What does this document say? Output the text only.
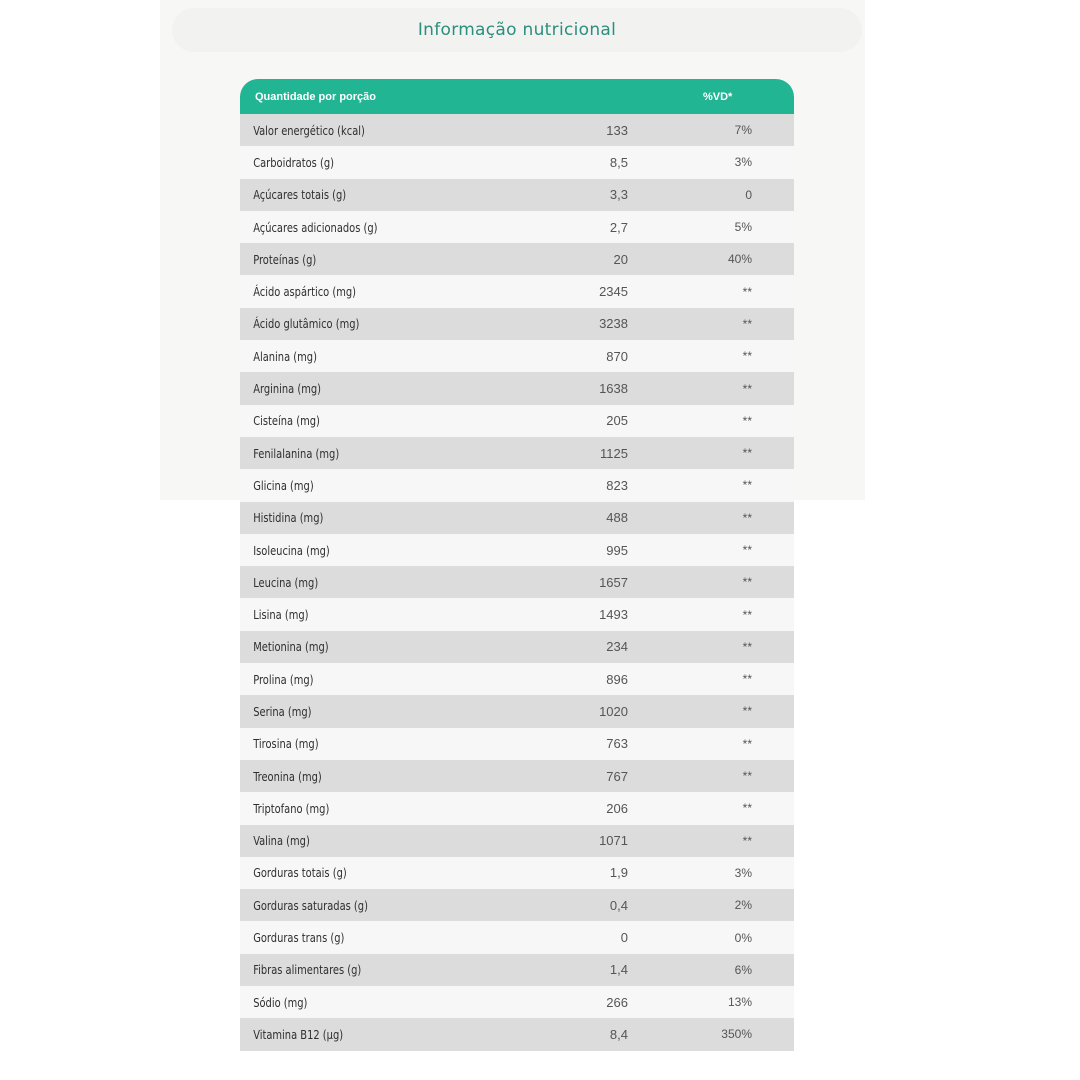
Informação nutricional
Quantidade por porção	%VD*
Valor energético (kcal)	133	7%
Carboidratos (g)	8,5	3%
Açúcares totais (g)	3,3	0
Açúcares adicionados (g)	2,7	5%
Proteínas (g)	20	40%
Ácido aspártico (mg)	2345	**
Ácido glutâmico (mg)	3238	**
Alanina (mg)	870	**
Arginina (mg)	1638	**
Cisteína (mg)	205	**
Fenilalanina (mg)	1125	**
Glicina (mg)	823	**
Histidina (mg)	488	**
Isoleucina (mg)	995	**
Leucina (mg)	1657	**
Lisina (mg)	1493	**
Metionina (mg)	234	**
Prolina (mg)	896	**
Serina (mg)	1020	**
Tirosina (mg)	763	**
Treonina (mg)	767	**
Triptofano (mg)	206	**
Valina (mg)	1071	**
Gorduras totais (g)	1,9	3%
Gorduras saturadas (g)	0,4	2%
Gorduras trans (g)	0	0%
Fibras alimentares (g)	1,4	6%
Sódio (mg)	266	13%
Vitamina B12 (µg)	8,4	350%
